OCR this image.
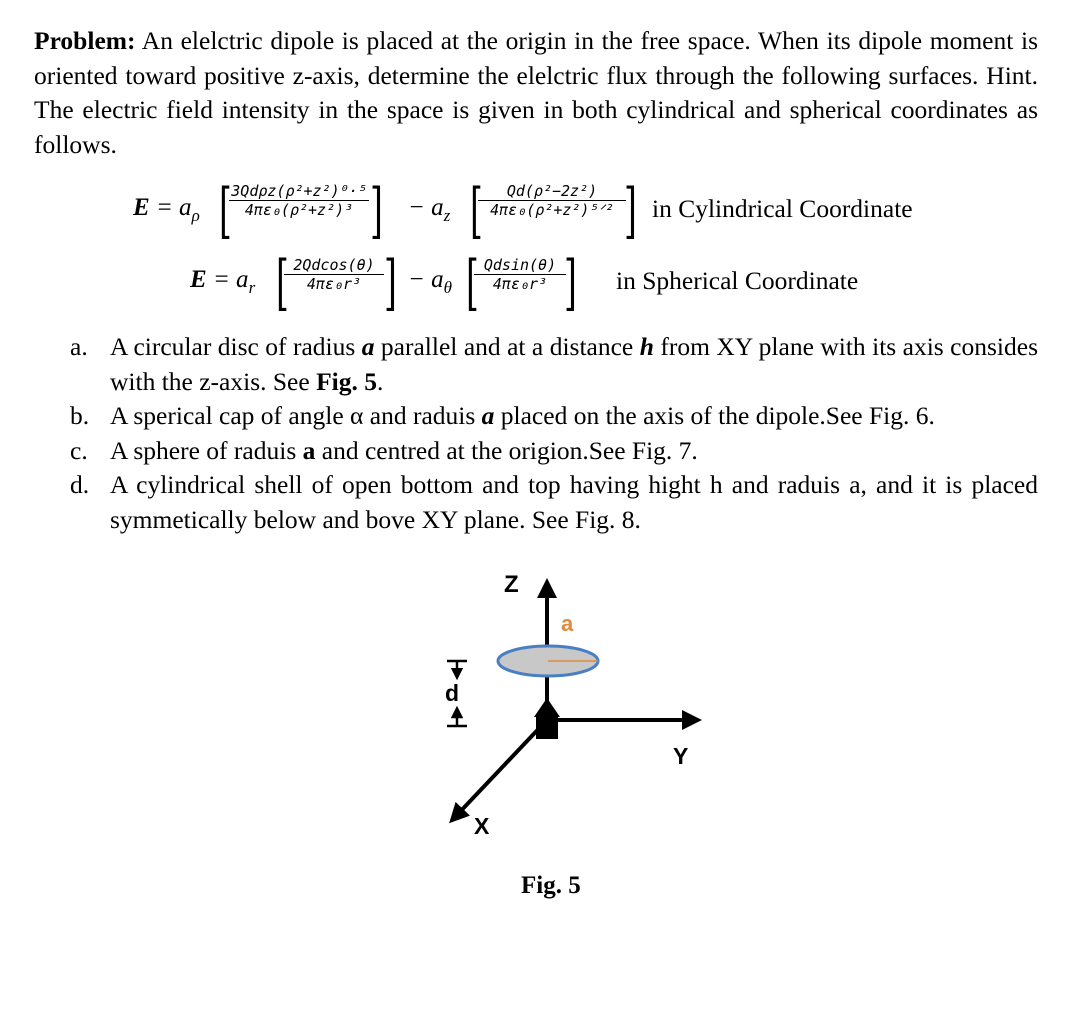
Problem: An elelctric dipole is placed at the origin in the free space. When its dipole moment is oriented toward positive z-axis, determine the elelctric flux through the following surfaces. Hint. The electric field intensity in the space is given in both cylindrical and spherical coordinates as follows.

$E = a_\rho$ [ 3Qdρz(ρ²+z²)⁰·⁵
4πε₀(ρ²+z²)³ ] − $a_z$ [	Qd(ρ²−2z²)
4πε₀(ρ²+z²)⁵ᐟ² ] in Cylindrical Coordinate
$E = a_r$ [ 2Qdcos(θ)
4πε₀r³ ] − $a_\theta$ [ Qdsin(θ)
4πε₀r³ ] in Spherical Coordinate
a. A circular disc of radius a parallel and at a distance h from XY plane with its axis consides with the z-axis. See Fig. 5.
b. A sperical cap of angle α and raduis a placed on the axis of the dipole.See Fig. 6.
c. A sphere of raduis a and centred at the origion.See Fig. 7.
d. A cylindrical shell of open bottom and top having hight h and raduis a, and it is placed symmetically below and bove XY plane. See Fig. 8.
Z
Y
X
a
d
Fig. 5
